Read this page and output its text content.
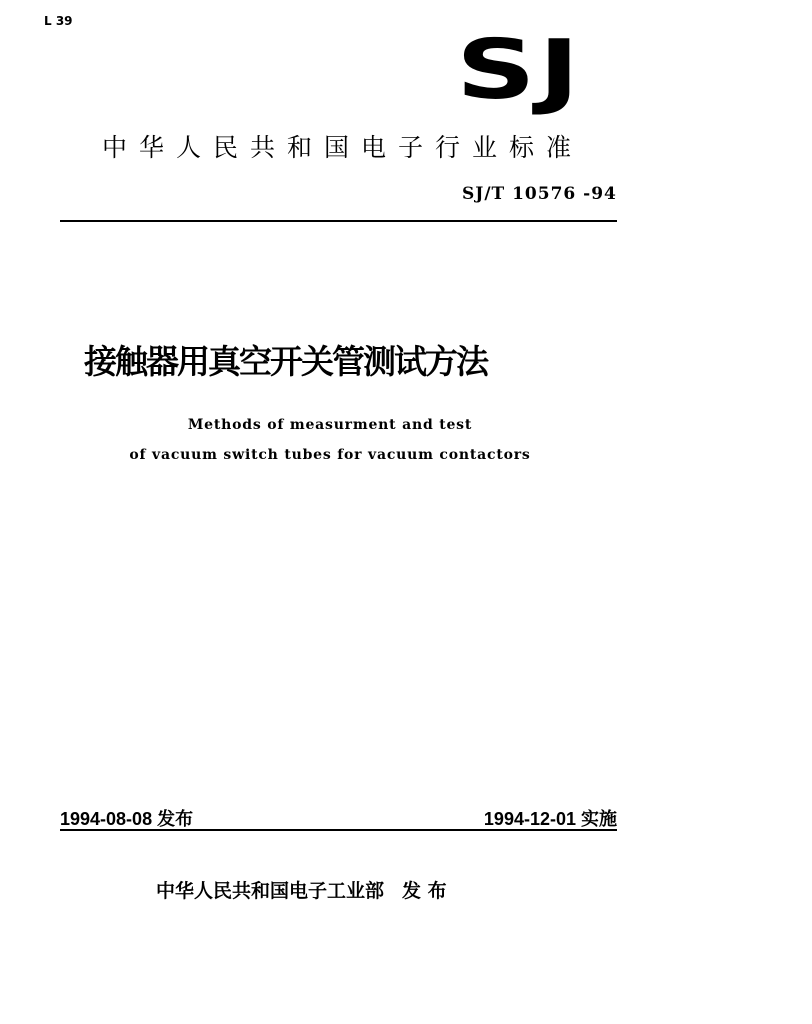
L 39
SJ
中华人民共和国电子行业标准
SJ/T 10576 -94
接触器用真空开关管测试方法
Methods of measurment and test
of vacuum switch tubes for vacuum contactors
1994-08-08 发布	1994-12-01 实施
中华人民共和国电子工业部 发 布
